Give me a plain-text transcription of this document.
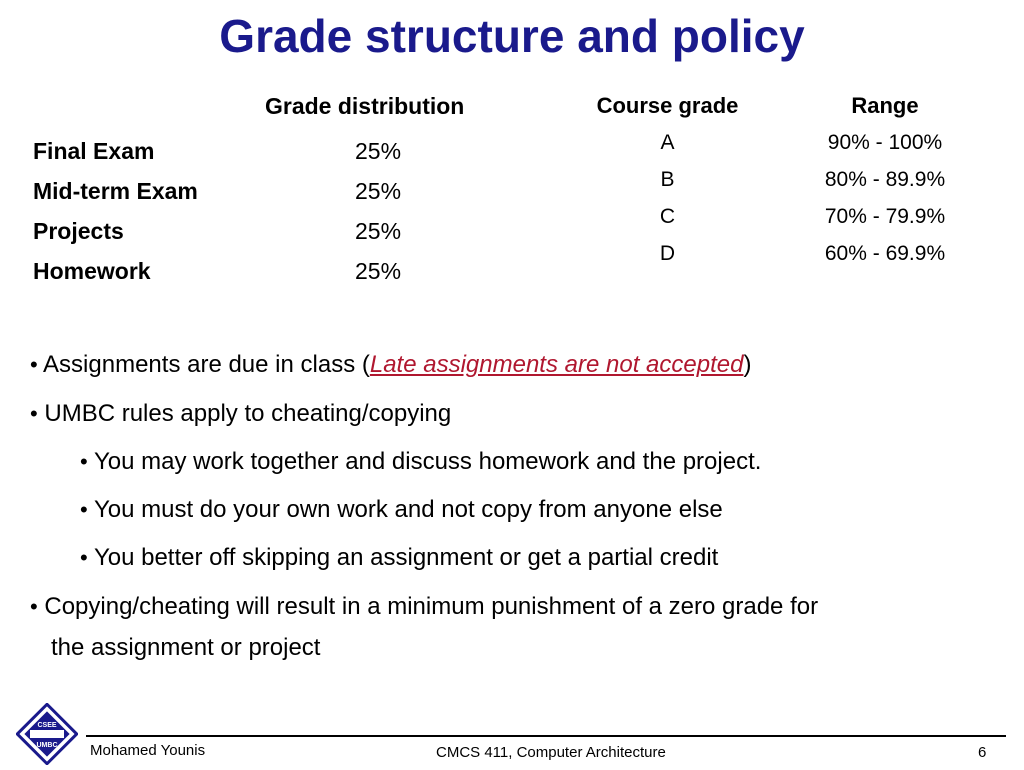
Grade structure and policy
Grade distribution
Final Exam	25%
Mid-term Exam	25%
Projects	25%
Homework	25%
Course grade	Range
A	90% - 100%
B	80% - 89.9%
C	70% - 79.9%
D	60% - 69.9%
• Assignments are due in class (Late assignments are not accepted)
• UMBC rules apply to cheating/copying
• You may work together and discuss homework and the project.
• You must do your own work and not copy from anyone else
• You better off skipping an assignment or get a partial credit
• Copying/cheating will result in a minimum punishment of a zero grade for
the assignment or project
CSEE
UMBC Mohamed Younis	CMCS 411, Computer Architecture	6
